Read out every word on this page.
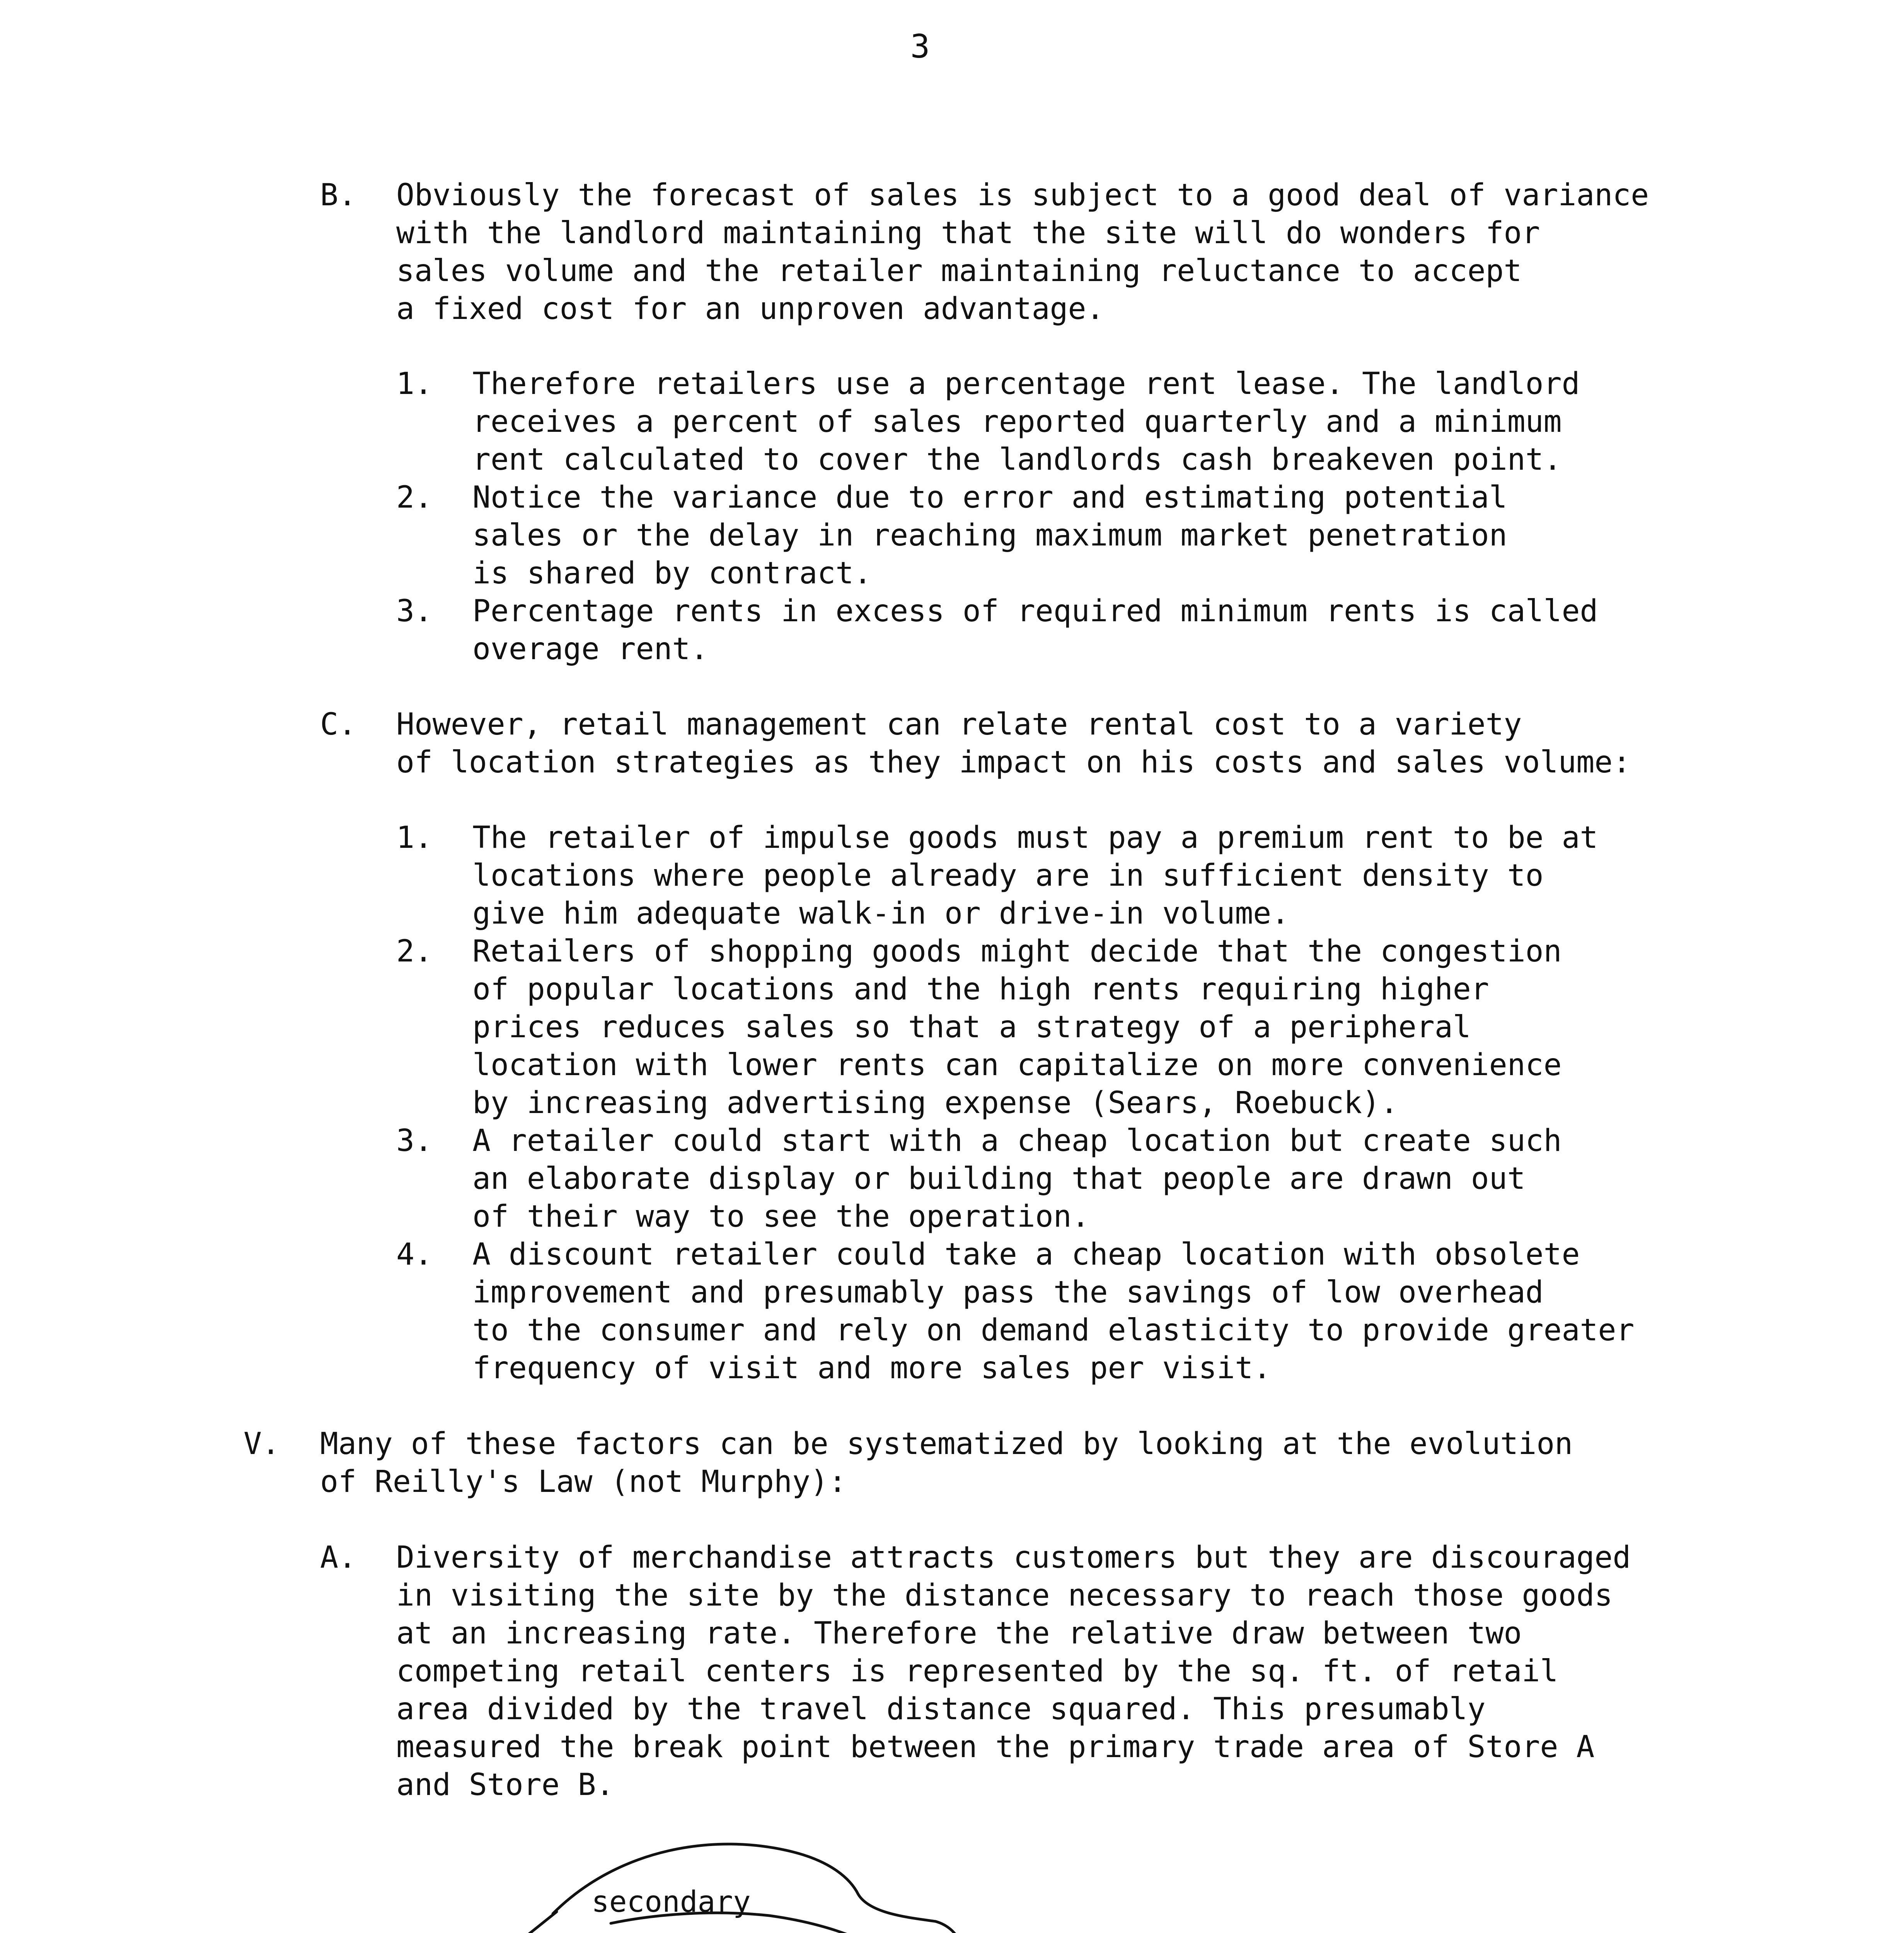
3
B.	Obviously the forecast of sales is subject to a good deal of variance
with the landlord maintaining that the site will do wonders for
sales volume and the retailer maintaining reluctance to accept
a fixed cost for an unproven advantage.
1.	Therefore retailers use a percentage rent lease. The landlord
receives a percent of sales reported quarterly and a minimum
rent calculated to cover the landlords cash breakeven point.
2.	Notice the variance due to error and estimating potential
sales or the delay in reaching maximum market penetration
is shared by contract.
3.	Percentage rents in excess of required minimum rents is called
overage rent.
C.	However, retail management can relate rental cost to a variety
of location strategies as they impact on his costs and sales volume:
1.	The retailer of impulse goods must pay a premium rent to be at
locations where people already are in sufficient density to
give him adequate walk-in or drive-in volume.
2.	Retailers of shopping goods might decide that the congestion
of popular locations and the high rents requiring higher
prices reduces sales so that a strategy of a peripheral
location with lower rents can capitalize on more convenience
by increasing advertising expense (Sears, Roebuck).
3.	A retailer could start with a cheap location but create such
an elaborate display or building that people are drawn out
of their way to see the operation.
4.	A discount retailer could take a cheap location with obsolete
improvement and presumably pass the savings of low overhead
to the consumer and rely on demand elasticity to provide greater
frequency of visit and more sales per visit.
V.	Many of these factors can be systematized by looking at the evolution
of Reilly's Law (not Murphy):
A.	Diversity of merchandise attracts customers but they are discouraged
in visiting the site by the distance necessary to reach those goods
at an increasing rate. Therefore the relative draw between two
competing retail centers is represented by the sq. ft. of retail
area divided by the travel distance squared. This presumably
measured the break point between the primary trade area of Store A
and Store B.
secondary
